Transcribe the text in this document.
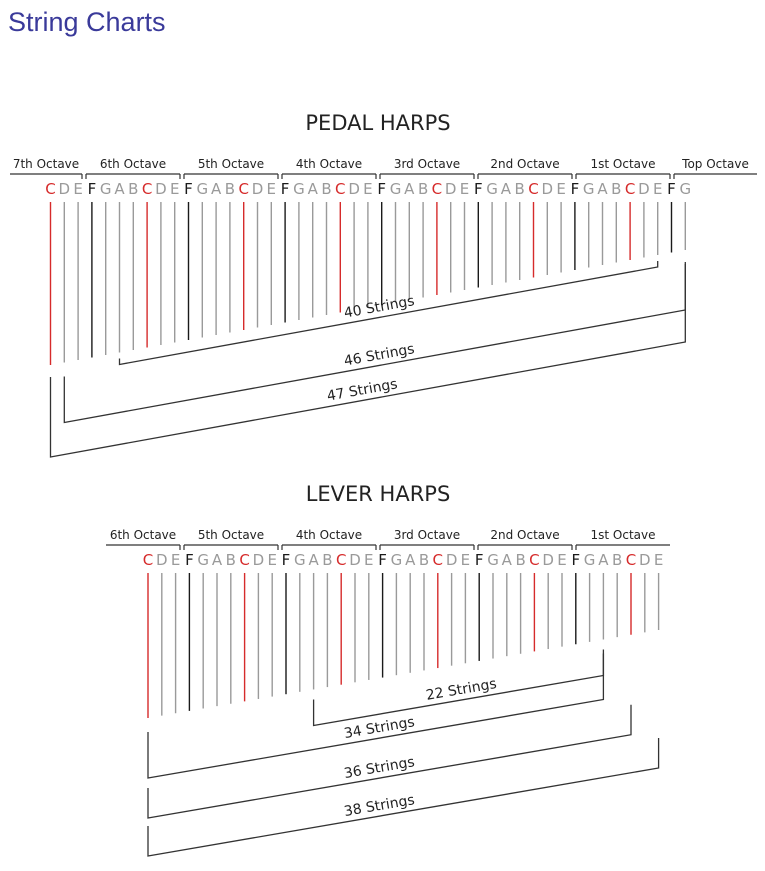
String Charts
PEDAL HARPS
7th Octave 6th Octave	5th Octave	4th Octave	3rd Octave	2nd Octave	1st Octave Top Octave
C D E F G A B C D E F G A B C D E F G A B C D E F G A B C D E F G A B C D E F G A B C D E F G
40 Strings
46 Strings
47 Strings
LEVER HARPS
6th Octave 5th Octave	4th Octave	3rd Octave	2nd Octave	1st Octave
C D E F G A B C D E F G A B C D E F G A B C D E F G A B C D E F G A B C D E
22 Strings
34 Strings
36 Strings
38 Strings
